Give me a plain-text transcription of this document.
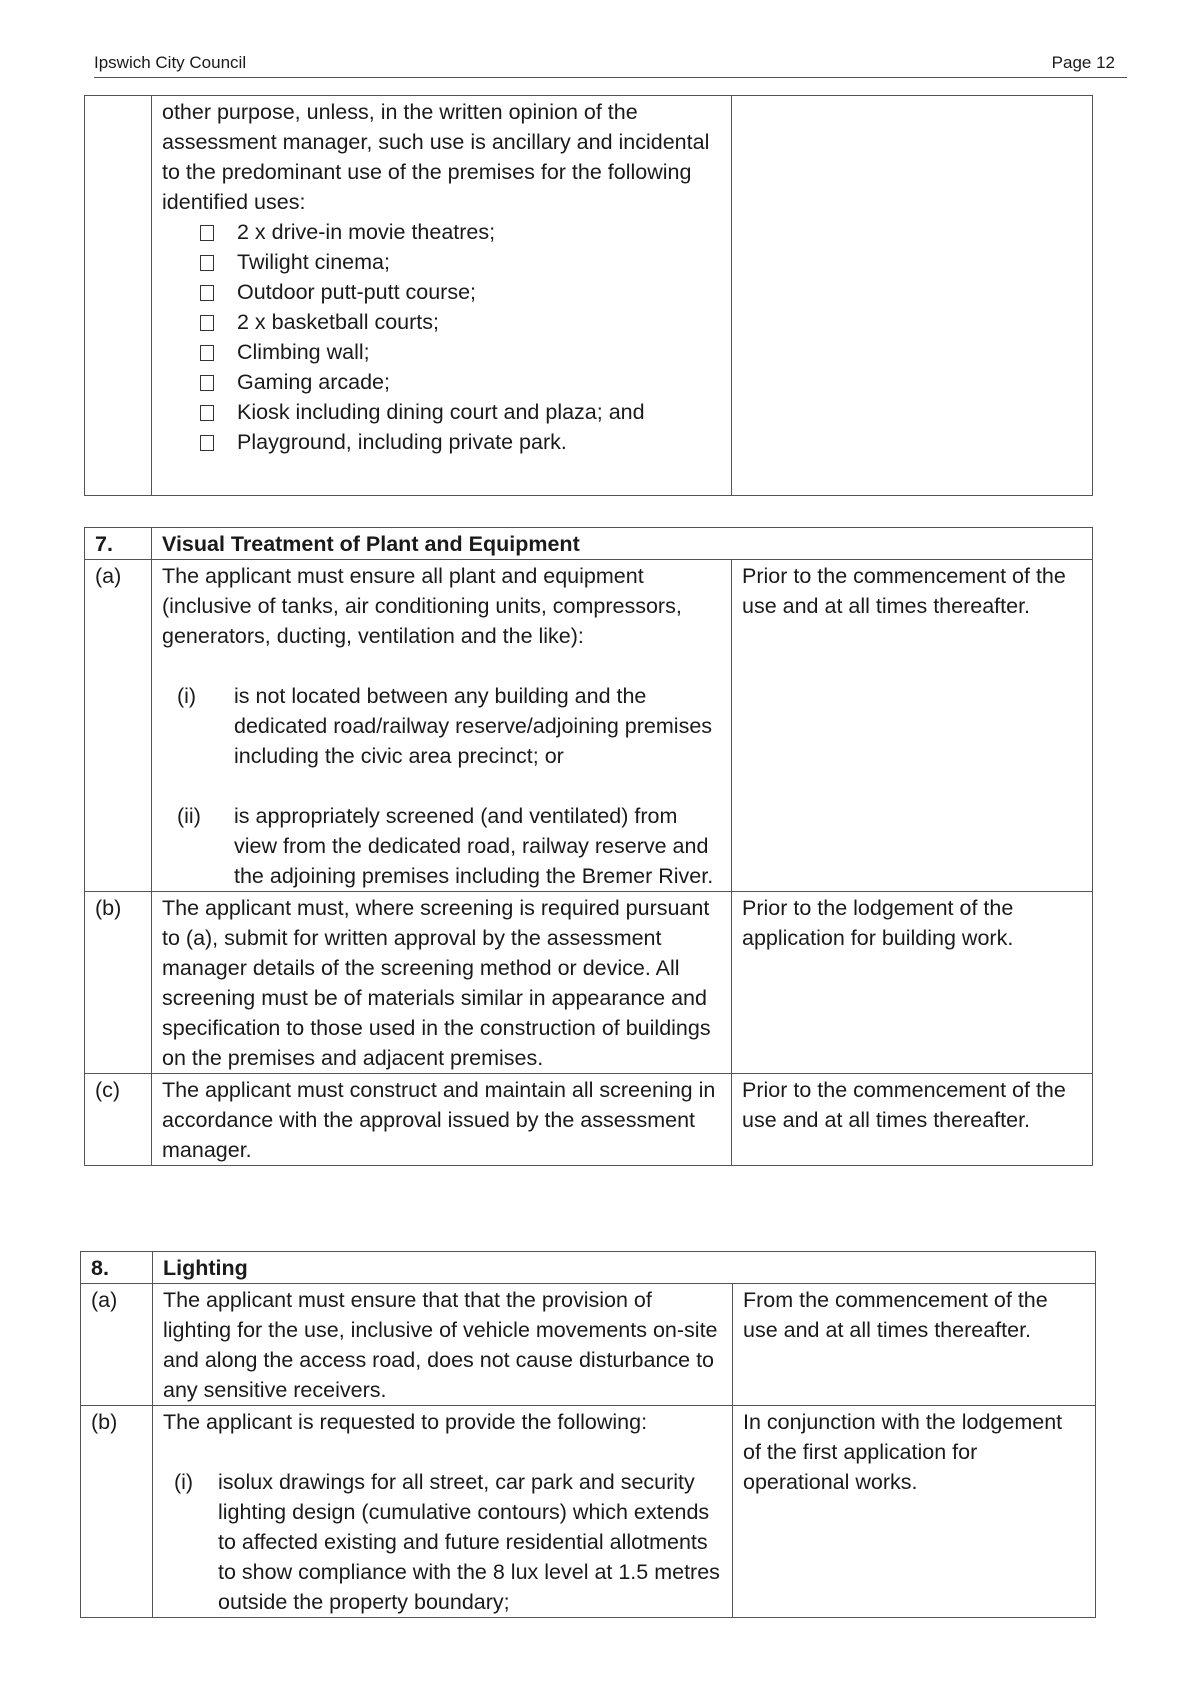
Ipswich City Council	Page 12

other purpose, unless, in the written opinion of the assessment manager, such use is ancillary and incidental to the predominant use of the premises for the following identified uses:

2 x drive-in movie theatres;
Twilight cinema;
Outdoor putt-putt course;
2 x basketball courts;
Climbing wall;
Gaming arcade;
Kiosk including dining court and plaza; and
Playground, including private park.

7.	Visual Treatment of Plant and Equipment	
(a)	The applicant must ensure all plant and equipment (inclusive of tanks, air conditioning units, compressors, generators, ducting, ventilation and the like):

(i) is not located between any building and the dedicated road/railway reserve/adjoining premises including the civic area precinct; or

(ii) is appropriately screened (and ventilated) from view from the dedicated road, railway reserve and the adjoining premises including the Bremer River.	Prior to the commencement of the use and at all times thereafter.
(b)	The applicant must, where screening is required pursuant to (a), submit for written approval by the assessment manager details of the screening method or device. All screening must be of materials similar in appearance and specification to those used in the construction of buildings on the premises and adjacent premises.	Prior to the lodgement of the application for building work.
(c)	The applicant must construct and maintain all screening in accordance with the approval issued by the assessment manager.	Prior to the commencement of the use and at all times thereafter.
8.	Lighting	
(a)	The applicant must ensure that that the provision of lighting for the use, inclusive of vehicle movements on-site and along the access road, does not cause disturbance to any sensitive receivers.	From the commencement of the use and at all times thereafter.
(b)	The applicant is requested to provide the following:

(i) isolux drawings for all street, car park and security lighting design (cumulative contours) which extends to affected existing and future residential allotments to show compliance with the 8 lux level at 1.5 metres outside the property boundary;	In conjunction with the lodgement of the first application for operational works.
